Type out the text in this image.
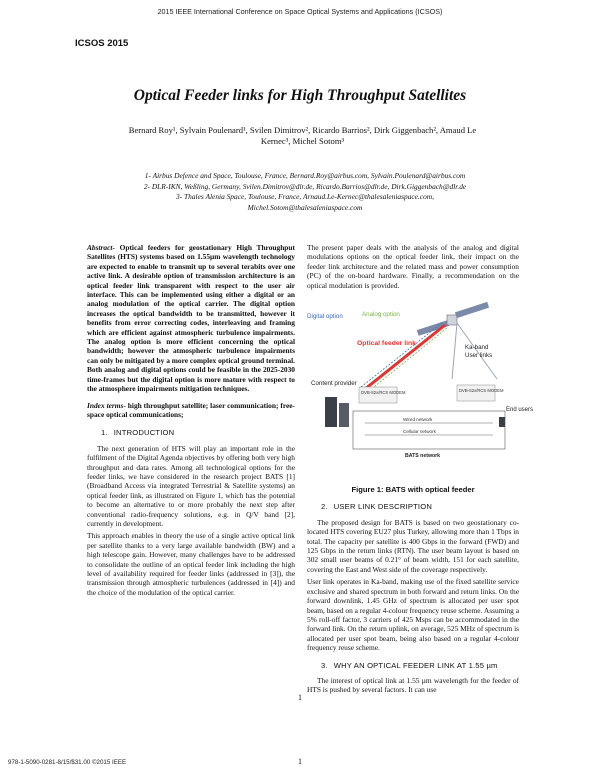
2015 IEEE International Conference on Space Optical Systems and Applications (ICSOS)
ICSOS 2015
Optical Feeder links for High Throughput Satellites
Bernard Roy¹, Sylvain Poulenard¹, Svilen Dimitrov², Ricardo Barrios², Dirk Giggenbach², Amaud Le
Kernec³, Michel Sotom³
1- Airbus Defence and Space, Toulouse, France, Bernard.Roy@airbus.com, Sylvain.Poulenard@airbus.com
2- DLR-IKN, Weßling, Germany, Svilen.Dimitrov@dlr.de, Ricardo.Barrios@dlr.de, Dirk.Giggenbach@dlr.de
3- Thales Alenia Space, Toulouse, France, Arnaud.Le-Kernec@thalesaleniaspace.com,
Michel.Sotom@thalesaleniaspace.com

Abstract- Optical feeders for geostationary High Throughput Satellites (HTS) systems based on 1.55µm wavelength technology are expected to enable to transmit up to several terabits over one active link. A desirable option of transmission architecture is an optical feeder link transparent with respect to the user air interface. This can be implemented using either a digital or an analog modulation of the optical carrier. The digital option increases the optical bandwidth to be transmitted, however it benefits from error correcting codes, interleaving and framing which are efficient against atmospheric turbulence impairments. The analog option is more efficient concerning the optical bandwidth; however the atmospheric turbulence impairments can only be mitigated by a more complex optical ground terminal. Both analog and digital options could be feasible in the 2025-2030 time-frames but the digital option is more mature with respect to the atmosphere impairments mitigation techniques.

Index terms- high throughput satellite; laser communication; free-space optical communications;

1. INTRODUCTION

The next generation of HTS will play an important role in the fulfilment of the Digital Agenda objectives by offering both very high throughput and data rates. Among all technological options for the feeder links, we have considered in the research project BATS [1] (Broadband Access via integrated Terrestrial & Satellite systems) an optical feeder link, as illustrated on Figure 1, which has the potential to become an alternative to or more probably the next step after conventional radio-frequency solutions, e.g. in Q/V band [2], currently in development.

This approach enables in theory the use of a single active optical link per satellite thanks to a very large available bandwidth (BW) and a high telescope gain. However, many challenges have to be addressed to consolidate the outline of an optical feeder link including the high level of availability required for feeder links (addressed in [3]), the transmission through atmospheric turbulences (addressed in [4]) and the choice of the modulation of the optical carrier.

The present paper deals with the analysis of the analog and digital modulations options on the optical feeder link, their impact on the feeder link architecture and the related mass and power consumption (PC) of the on-board hardware. Finally, a recommendation on the optical modulation is provided.

Digital option	Analog option
Optical feeder link
Ka-band
User links
Content provider
DVB-S2x/RCS MODEM	DVB-S2x/RCS MODEM
Wired network
Cellular network
BATS network
End users
Figure 1: BATS with optical feeder
2. USER LINK DESCRIPTION

The proposed design for BATS is based on two geostationary co-located HTS covering EU27 plus Turkey, allowing more than 1 Tbps in total. The capacity per satellite is 400 Gbps in the forward (FWD) and 125 Gbps in the return links (RTN). The user beam layout is based on 302 small user beams of 0.21° of beam width, 151 for each satellite, covering the East and West side of the coverage respectively.

User link operates in Ka-band, making use of the fixed satellite service exclusive and shared spectrum in both forward and return links. On the forward downlink, 1.45 GHz of spectrum is allocated per user spot beam, based on a regular 4-colour frequency reuse scheme. Assuming a 5% roll-off factor, 3 carriers of 425 Msps can be accommodated in the forward link. On the return uplink, on average, 525 MHz of spectrum is allocated per user spot beam, being also based on a regular 4-colour frequency reuse scheme.

3. WHY AN OPTICAL FEEDER LINK AT 1.55 µm

The interest of optical link at 1.55 µm wavelength for the feeder of HTS is pushed by several factors. It can use

1
978-1-5090-0281-8/15/$31.00 ©2015 IEEE	1
